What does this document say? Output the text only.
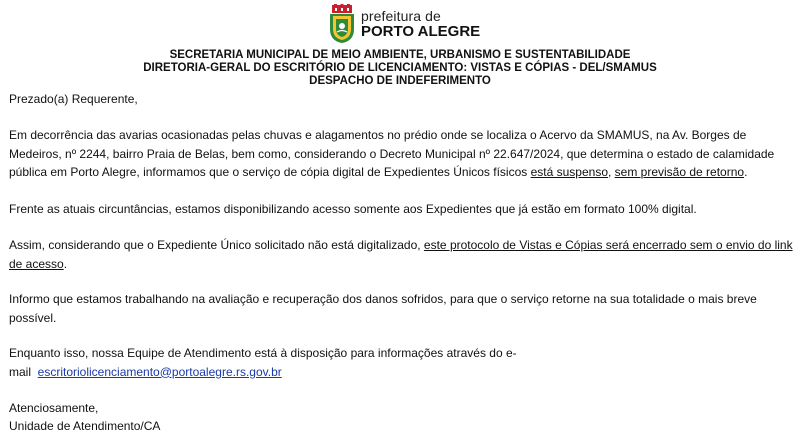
prefeitura de
PORTO ALEGRE
SECRETARIA MUNICIPAL DE MEIO AMBIENTE, URBANISMO E SUSTENTABILIDADE
DIRETORIA-GERAL DO ESCRITÓRIO DE LICENCIAMENTO: VISTAS E CÓPIAS - DEL/SMAMUS
DESPACHO DE INDEFERIMENTO

Prezado(a) Requerente,

Em decorrência das avarias ocasionadas pelas chuvas e alagamentos no prédio onde se localiza o Acervo da SMAMUS, na Av. Borges de Medeiros, nº 2244, bairro Praia de Belas, bem como, considerando o Decreto Municipal nº 22.647/2024, que determina o estado de calamidade pública em Porto Alegre, informamos que o serviço de cópia digital de Expedientes Únicos físicos está suspenso, sem previsão de retorno.

Frente as atuais circuntâncias, estamos disponibilizando acesso somente aos Expedientes que já estão em formato 100% digital.

Assim, considerando que o Expediente Único solicitado não está digitalizado, este protocolo de Vistas e Cópias será encerrado sem o envio do link de acesso.

Informo que estamos trabalhando na avaliação e recuperação dos danos sofridos, para que o serviço retorne na sua totalidade o mais breve possível.

Enquanto isso, nossa Equipe de Atendimento está à disposição para informações através do e-
mail  escritoriolicenciamento@portoalegre.rs.gov.br

Atenciosamente,

Unidade de Atendimento/CA
